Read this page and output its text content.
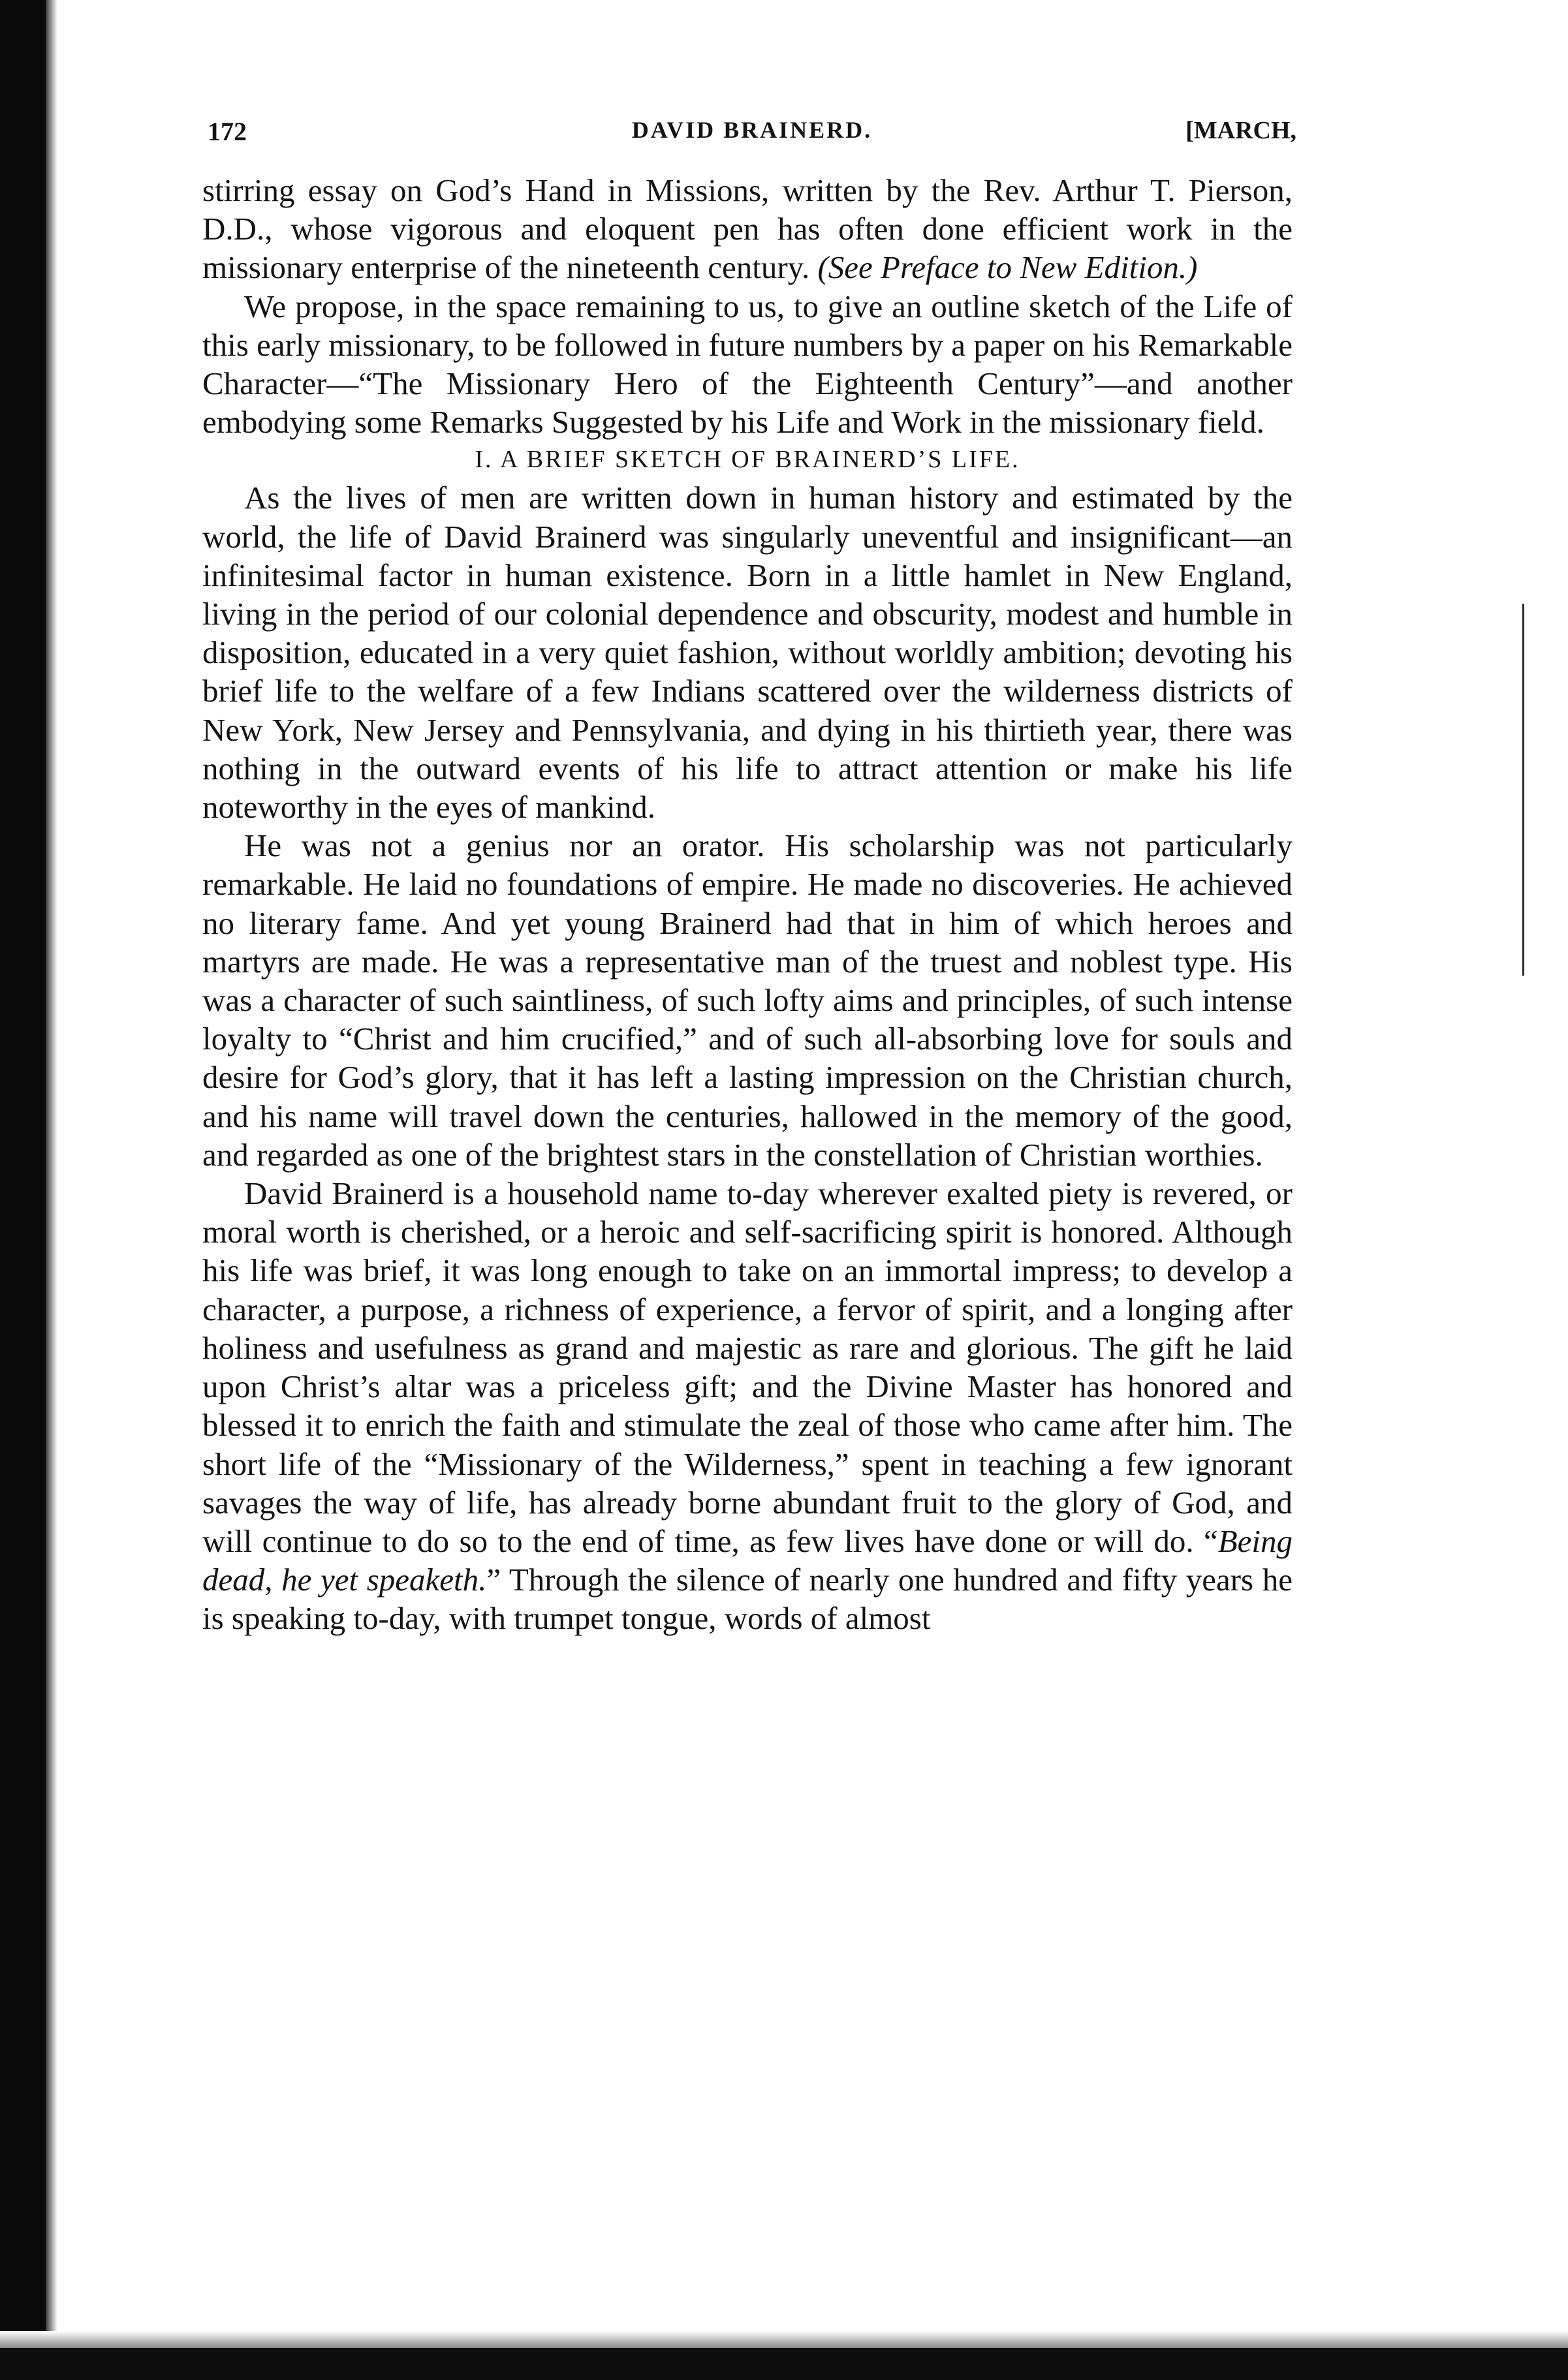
172	DAVID BRAINERD.	[MARCH,

stirring essay on God’s Hand in Missions, written by the Rev. Arthur T. Pierson, D.D., whose vigorous and eloquent pen has often done efficient work in the missionary enterprise of the nineteenth century. (See Preface to New Edition.)

We propose, in the space remaining to us, to give an outline sketch of the Life of this early missionary, to be followed in future numbers by a paper on his Remarkable Character—“The Missionary Hero of the Eighteenth Century”—and another embodying some Remarks Suggested by his Life and Work in the missionary field.

I. A BRIEF SKETCH OF BRAINERD’S LIFE.

As the lives of men are written down in human history and estimated by the world, the life of David Brainerd was singularly uneventful and insignificant—an infinitesimal factor in human existence. Born in a little hamlet in New England, living in the period of our colonial dependence and obscurity, modest and humble in disposition, educated in a very quiet fashion, without worldly ambition; devoting his brief life to the welfare of a few Indians scattered over the wilderness districts of New York, New Jersey and Pennsylvania, and dying in his thirtieth year, there was nothing in the outward events of his life to attract attention or make his life noteworthy in the eyes of mankind.

He was not a genius nor an orator. His scholarship was not particularly remarkable. He laid no foundations of empire. He made no discoveries. He achieved no literary fame. And yet young Brainerd had that in him of which heroes and martyrs are made. He was a representative man of the truest and noblest type. His was a character of such saintliness, of such lofty aims and principles, of such intense loyalty to “Christ and him crucified,” and of such all-absorbing love for souls and desire for God’s glory, that it has left a lasting impression on the Christian church, and his name will travel down the centuries, hallowed in the memory of the good, and regarded as one of the brightest stars in the constellation of Christian worthies.

David Brainerd is a household name to-day wherever exalted piety is revered, or moral worth is cherished, or a heroic and self-sacrificing spirit is honored. Although his life was brief, it was long enough to take on an immortal impress; to develop a character, a purpose, a richness of experience, a fervor of spirit, and a longing after holiness and usefulness as grand and majestic as rare and glorious. The gift he laid upon Christ’s altar was a priceless gift; and the Divine Master has honored and blessed it to enrich the faith and stimulate the zeal of those who came after him. The short life of the “Missionary of the Wilderness,” spent in teaching a few ignorant savages the way of life, has already borne abundant fruit to the glory of God, and will continue to do so to the end of time, as few lives have done or will do. “Being dead, he yet speaketh.” Through the silence of nearly one hundred and fifty years he is speaking to-day, with trumpet tongue, words of almost
